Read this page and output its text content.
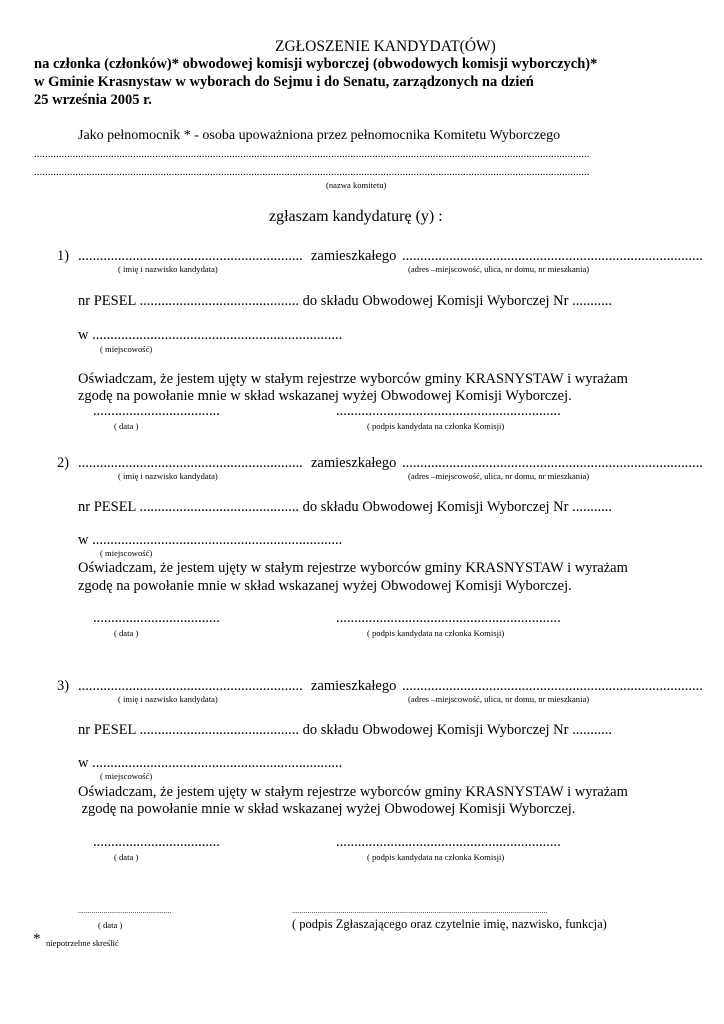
ZGŁOSZENIE KANDYDAT(ÓW)
na członka (członków)* obwodowej komisji wyborczej (obwodowych komisji wyborczych)*
w Gminie Krasnystaw w wyborach do Sejmu i do Senatu, zarządzonych na dzień
25 września 2005 r.
Jako pełnomocnik * - osoba upoważniona przez pełnomocnika Komitetu Wyborczego
..........................................................................................................................................................................................................
..........................................................................................................................................................................................................
(nazwa komitetu)
zgłaszam kandydaturę (y) :
1) .............................................................. zamieszkałego ...................................................................................
( imię i nazwisko kandydata)	(adres –miejscowość, ulica, nr domu, nr mieszkania)
nr PESEL ............................................ do składu Obwodowej Komisji Wyborczej Nr ...........
w .....................................................................
( miejscowość)
Oświadczam, że jestem ujęty w stałym rejestrze wyborców gminy KRASNYSTAW i wyrażam
zgodę na powołanie mnie w skład wskazanej wyżej Obwodowej Komisji Wyborczej.
...................................
( data )
..............................................................
( podpis kandydata na członka Komisji)
2) .............................................................. zamieszkałego ...................................................................................
( imię i nazwisko kandydata)	(adres –miejscowość, ulica, nr domu, nr mieszkania)
nr PESEL ............................................ do składu Obwodowej Komisji Wyborczej Nr ...........
w .....................................................................
( miejscowość)
Oświadczam, że jestem ujęty w stałym rejestrze wyborców gminy KRASNYSTAW i wyrażam
zgodę na powołanie mnie w skład wskazanej wyżej Obwodowej Komisji Wyborczej.
...................................
( data )
..............................................................
( podpis kandydata na członka Komisji)
3) .............................................................. zamieszkałego ...................................................................................
( imię i nazwisko kandydata)	(adres –miejscowość, ulica, nr domu, nr mieszkania)
nr PESEL ............................................ do składu Obwodowej Komisji Wyborczej Nr ...........
w .....................................................................
( miejscowość)
Oświadczam, że jestem ujęty w stałym rejestrze wyborców gminy KRASNYSTAW i wyrażam
zgodę na powołanie mnie w skład wskazanej wyżej Obwodowej Komisji Wyborczej.
...................................
( data )
..............................................................
( podpis kandydata na członka Komisji)
................................................
( data )
...................................................................................................................................
( podpis Zgłaszającego oraz czytelnie imię, nazwisko, funkcja)
* niepotrzebne skreślić
